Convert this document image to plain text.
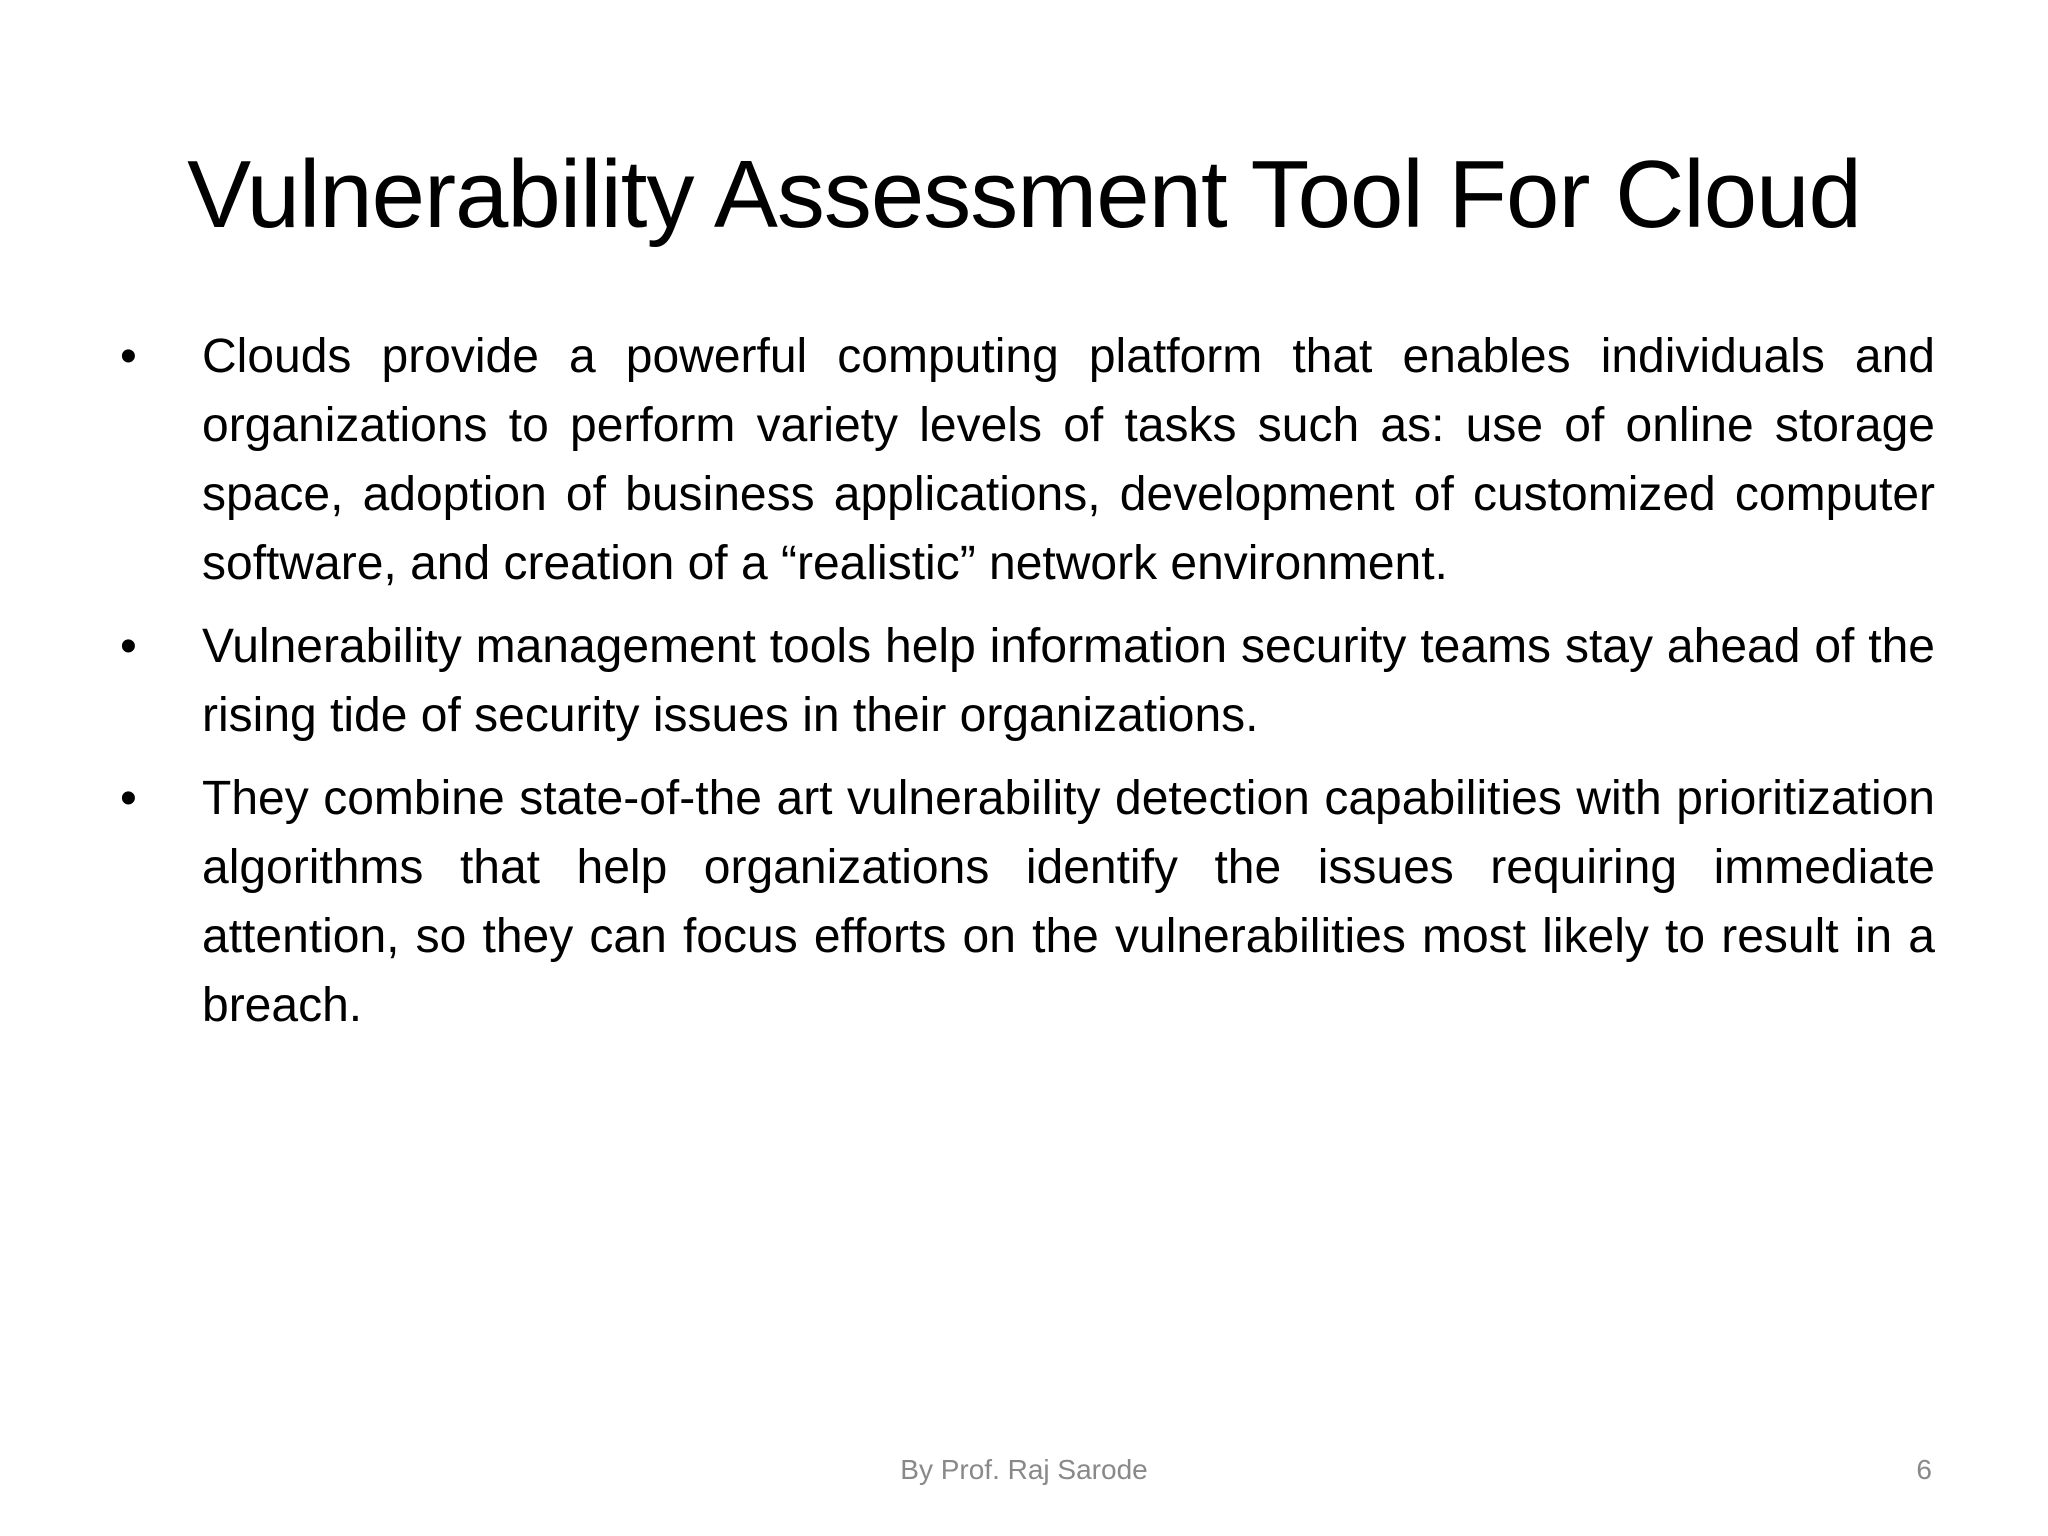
Vulnerability Assessment Tool For Cloud
•	Clouds provide a powerful computing platform that enables individuals and organizations to perform variety levels of tasks such as: use of online storage space, adoption of business applications, development of customized computer software, and creation of a “realistic” network environment.
•	Vulnerability management tools help information security teams stay ahead of the rising tide of security issues in their organizations.
•	They combine state-of-the art vulnerability detection capabilities with prioritization algorithms that help organizations identify the issues requiring immediate attention, so they can focus efforts on the vulnerabilities most likely to result in a breach.
By Prof. Raj Sarode	6
